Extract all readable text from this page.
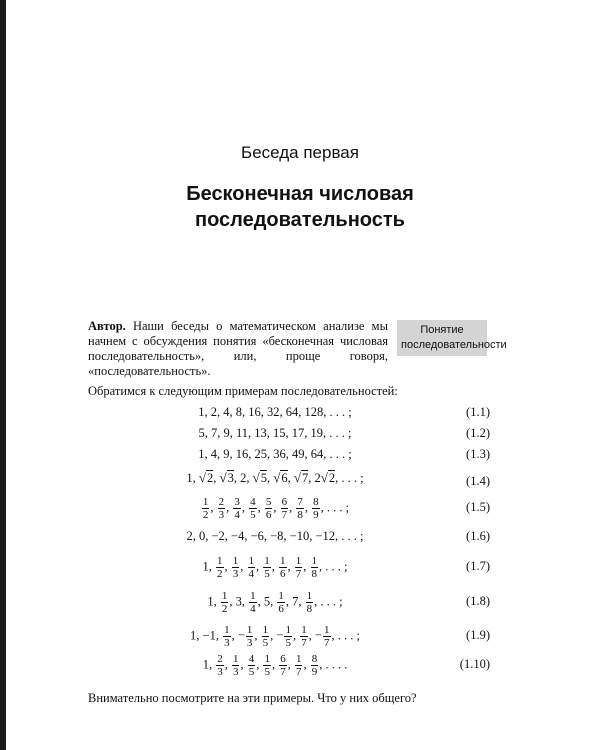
Беседа первая
Бесконечная числовая
последовательность
Автор. Наши беседы о математическом анализе мы начнем с обсуждения понятия «бесконечная числовая последовательность», или, проще говоря, «последовательность».
Понятие последовательности
Обратимся к следующим примерам последовательностей:
1, 2, 4, 8, 16, 32, 64, 128, . . . ;	(1.1)
5, 7, 9, 11, 13, 15, 17, 19, . . . ;	(1.2)
1, 4, 9, 16, 25, 36, 49, 64, . . . ;	(1.3)
1, √2, √3, 2, √5, √6, √7, 2√2, . . . ;	(1.4)
$\frac{1}{2}$ , $\frac{2}{3}$ , $\frac{3}{4}$ , $\frac{4}{5}$ , $\frac{5}{6}$ , $\frac{6}{7}$ , $\frac{7}{8}$ , $\frac{8}{9}$ , . . . ;	(1.5)
2, 0, −2, −4, −6, −8, −10, −12, . . . ;	(1.6)
1, $\frac{1}{2}$ , $\frac{1}{3}$ , $\frac{1}{4}$ , $\frac{1}{5}$ , $\frac{1}{6}$ , $\frac{1}{7}$ , $\frac{1}{8}$ , . . . ;	(1.7)
1, $\frac{1}{2}$ , 3, $\frac{1}{4}$ , 5, $\frac{1}{6}$ , 7, $\frac{1}{8}$ , . . . ;	(1.8)
1, −1, $\frac{1}{3}$ , − $\frac{1}{3}$ , $\frac{1}{5}$ , − $\frac{1}{5}$ , $\frac{1}{7}$ , − $\frac{1}{7}$ , . . . ;	(1.9)
1, $\frac{2}{3}$ , $\frac{1}{3}$ , $\frac{4}{5}$ , $\frac{1}{5}$ , $\frac{6}{7}$ , $\frac{1}{7}$ , $\frac{8}{9}$ , . . . .	(1.10)
Внимательно посмотрите на эти примеры. Что у них общего?
